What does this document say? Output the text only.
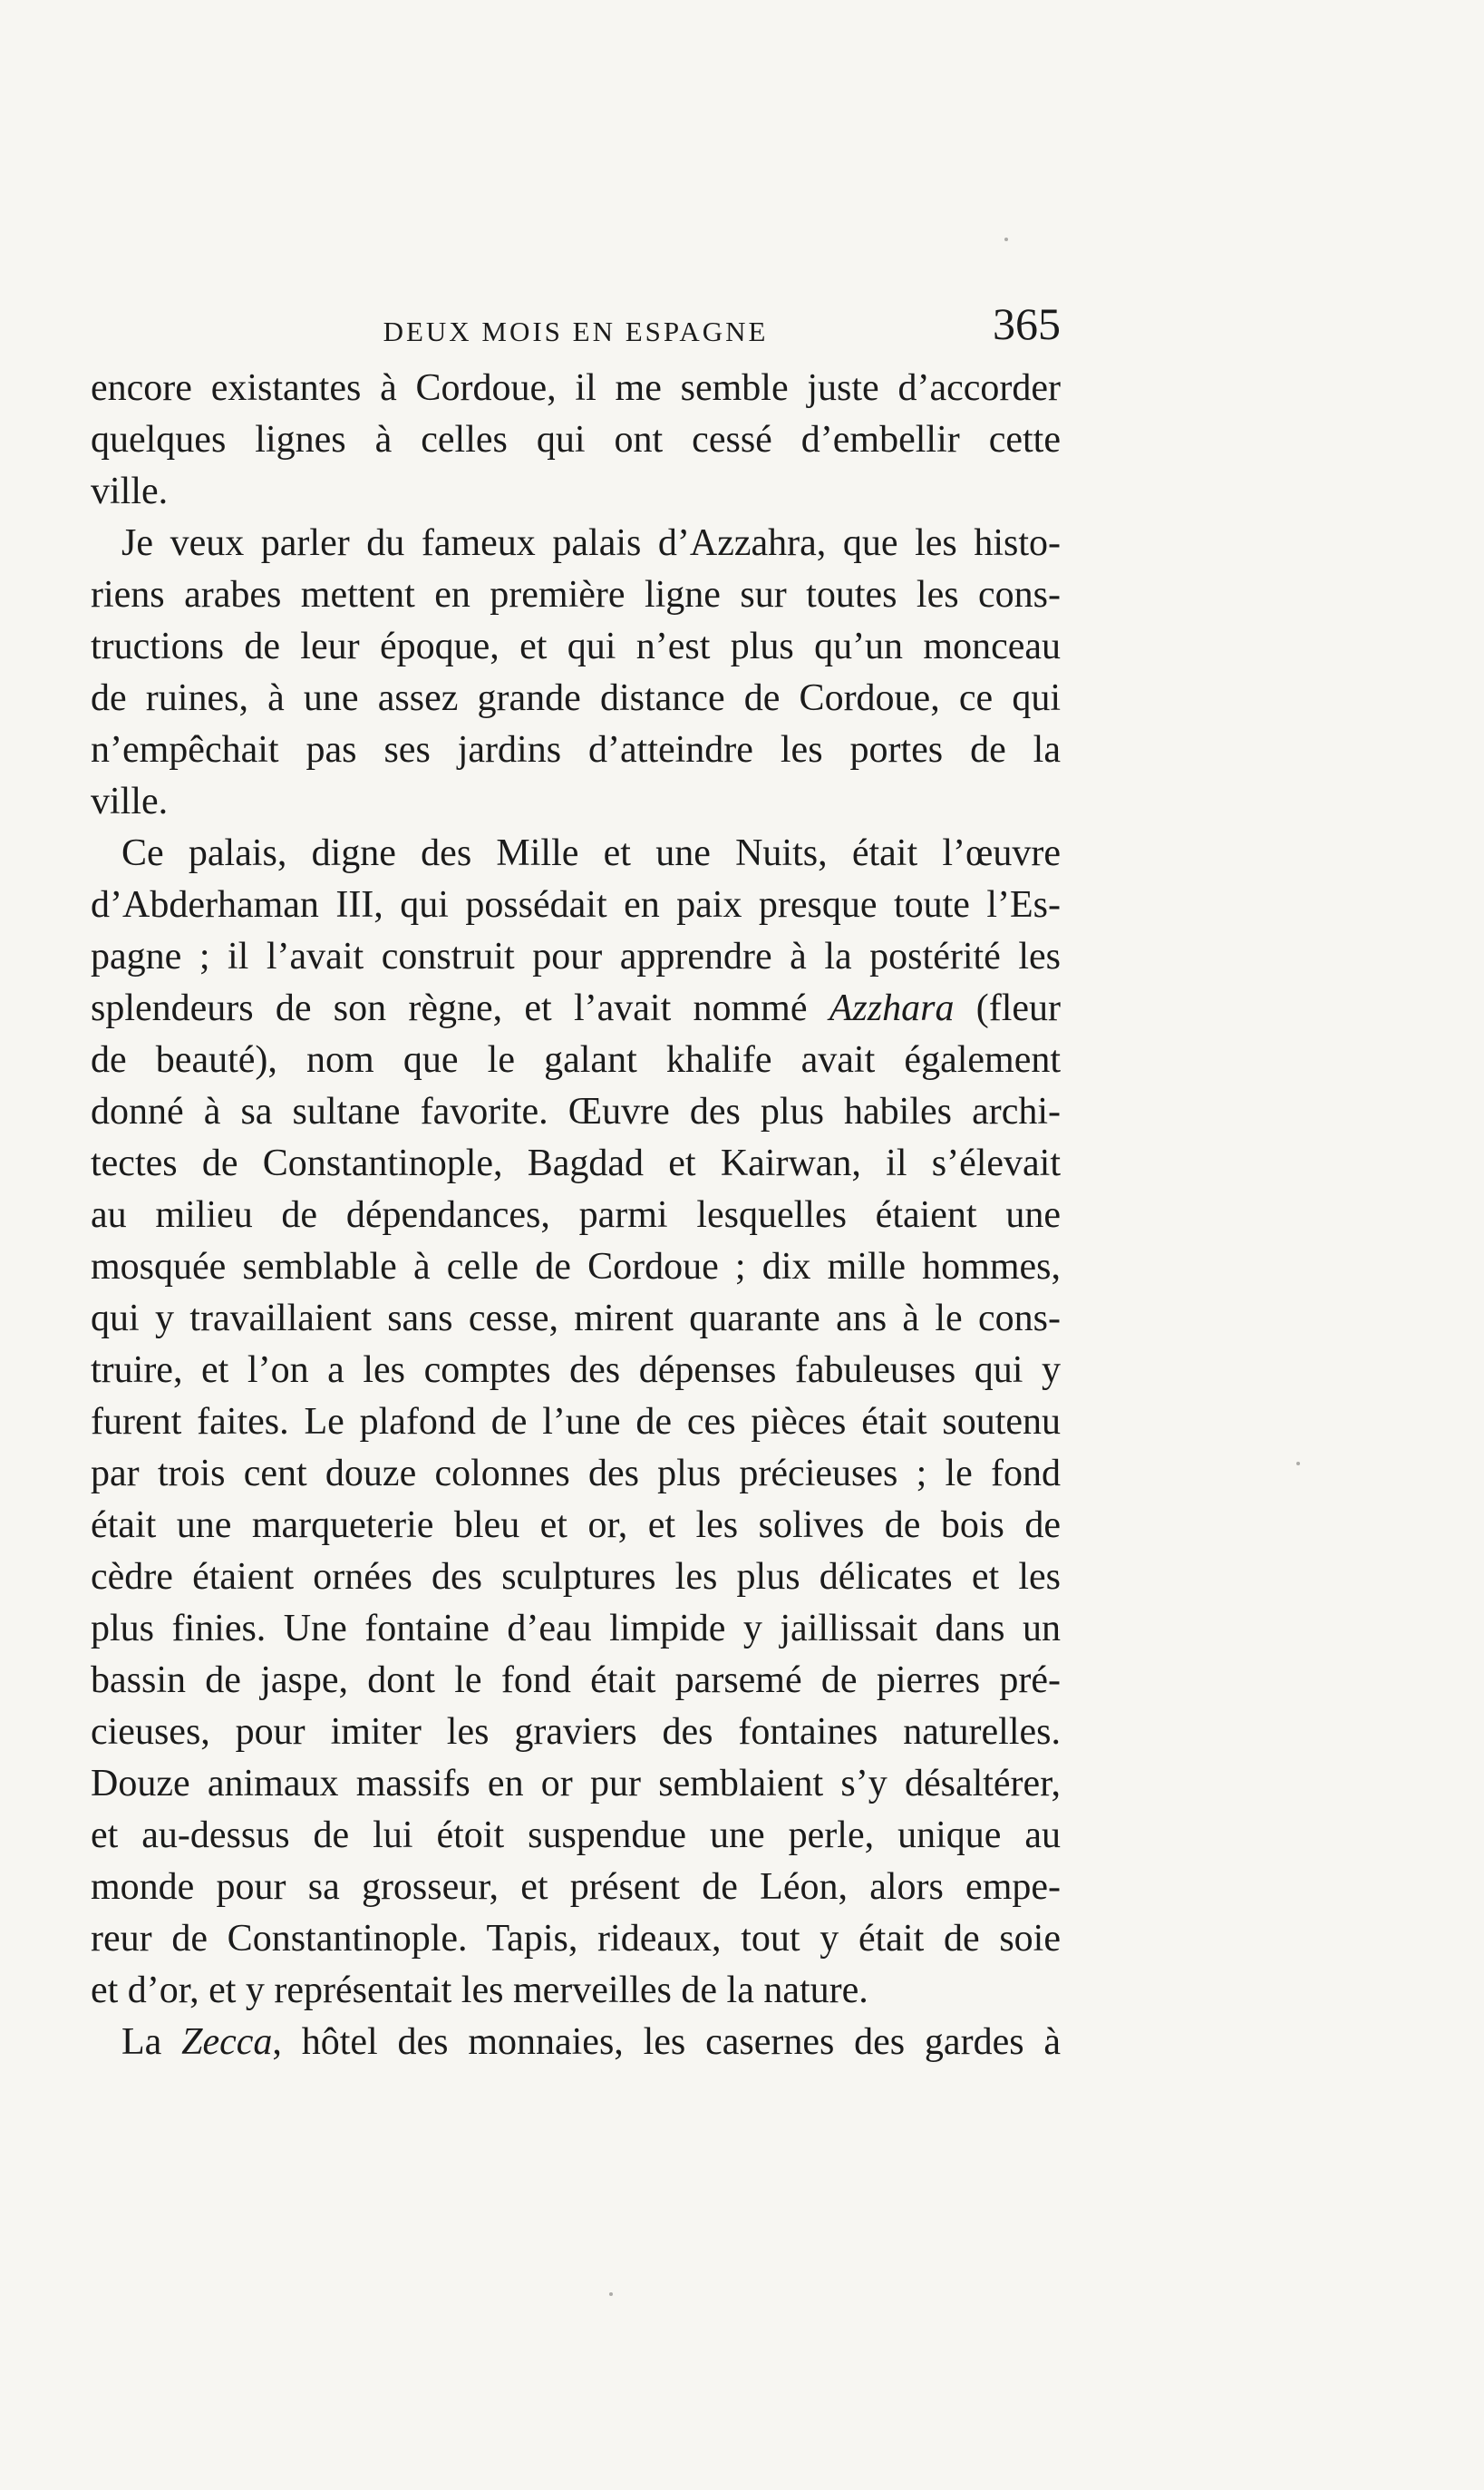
DEUX MOIS EN ESPAGNE	365
encore existantes à Cordoue, il me semble juste d’accorder
quelques lignes à celles qui ont cessé d’embellir cette
ville.
Je veux parler du fameux palais d’Azzahra, que les histo-
riens arabes mettent en première ligne sur toutes les cons-
tructions de leur époque, et qui n’est plus qu’un monceau
de ruines, à une assez grande distance de Cordoue, ce qui
n’empêchait pas ses jardins d’atteindre les portes de la
ville.
Ce palais, digne des Mille et une Nuits, était l’œuvre
d’Abderhaman III, qui possédait en paix presque toute l’Es-
pagne ; il l’avait construit pour apprendre à la postérité les
splendeurs de son règne, et l’avait nommé Azzhara (fleur
de beauté), nom que le galant khalife avait également
donné à sa sultane favorite. Œuvre des plus habiles archi-
tectes de Constantinople, Bagdad et Kairwan, il s’élevait
au milieu de dépendances, parmi lesquelles étaient une
mosquée semblable à celle de Cordoue ; dix mille hommes,
qui y travaillaient sans cesse, mirent quarante ans à le cons-
truire, et l’on a les comptes des dépenses fabuleuses qui y
furent faites. Le plafond de l’une de ces pièces était soutenu
par trois cent douze colonnes des plus précieuses ; le fond
était une marqueterie bleu et or, et les solives de bois de
cèdre étaient ornées des sculptures les plus délicates et les
plus finies. Une fontaine d’eau limpide y jaillissait dans un
bassin de jaspe, dont le fond était parsemé de pierres pré-
cieuses, pour imiter les graviers des fontaines naturelles.
Douze animaux massifs en or pur semblaient s’y désaltérer,
et au-dessus de lui étoit suspendue une perle, unique au
monde pour sa grosseur, et présent de Léon, alors empe-
reur de Constantinople. Tapis, rideaux, tout y était de soie
et d’or, et y représentait les merveilles de la nature.
La Zecca, hôtel des monnaies, les casernes des gardes à
